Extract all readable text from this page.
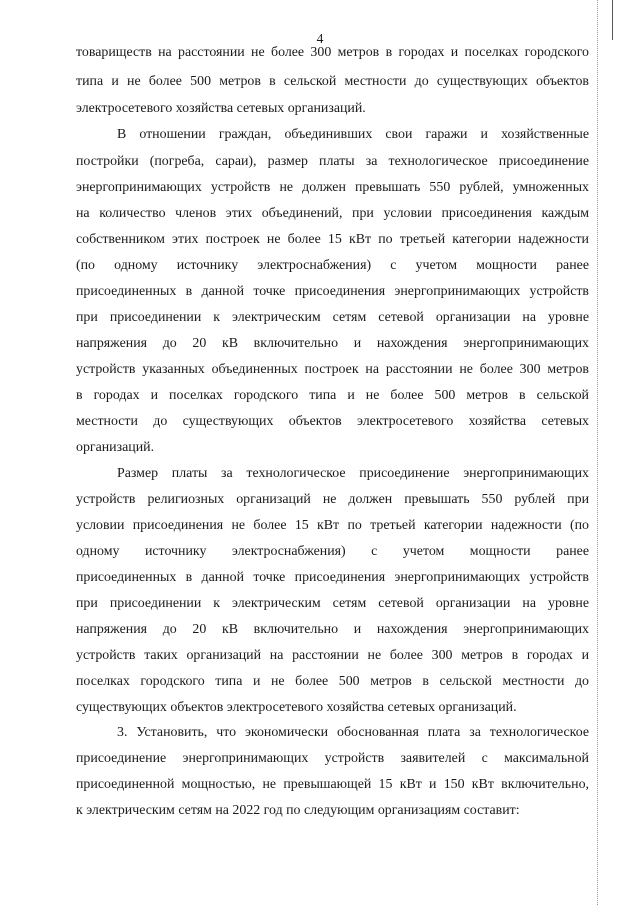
4
товариществ на расстоянии не более 300 метров в городах и поселках городского
типа и не более 500 метров в сельской местности до существующих объектов
электросетевого хозяйства сетевых организаций.
В отношении граждан, объединивших свои гаражи и хозяйственные
постройки (погреба, сараи), размер платы за технологическое присоединение
энергопринимающих устройств не должен превышать 550 рублей, умноженных
на количество членов этих объединений, при условии присоединения каждым
собственником этих построек не более 15 кВт по третьей категории надежности
(по одному источнику электроснабжения) с учетом мощности ранее
присоединенных в данной точке присоединения энергопринимающих устройств
при присоединении к электрическим сетям сетевой организации на уровне
напряжения до 20 кВ включительно и нахождения энергопринимающих
устройств указанных объединенных построек на расстоянии не более 300 метров
в городах и поселках городского типа и не более 500 метров в сельской
местности до существующих объектов электросетевого хозяйства сетевых
организаций.
Размер платы за технологическое присоединение энергопринимающих
устройств религиозных организаций не должен превышать 550 рублей при
условии присоединения не более 15 кВт по третьей категории надежности (по
одному источнику электроснабжения) с учетом мощности ранее
присоединенных в данной точке присоединения энергопринимающих устройств
при присоединении к электрическим сетям сетевой организации на уровне
напряжения до 20 кВ включительно и нахождения энергопринимающих
устройств таких организаций на расстоянии не более 300 метров в городах и
поселках городского типа и не более 500 метров в сельской местности до
существующих объектов электросетевого хозяйства сетевых организаций.
3. Установить, что экономически обоснованная плата за технологическое
присоединение энергопринимающих устройств заявителей с максимальной
присоединенной мощностью, не превышающей 15 кВт и 150 кВт включительно,
к электрическим сетям на 2022 год по следующим организациям составит:
